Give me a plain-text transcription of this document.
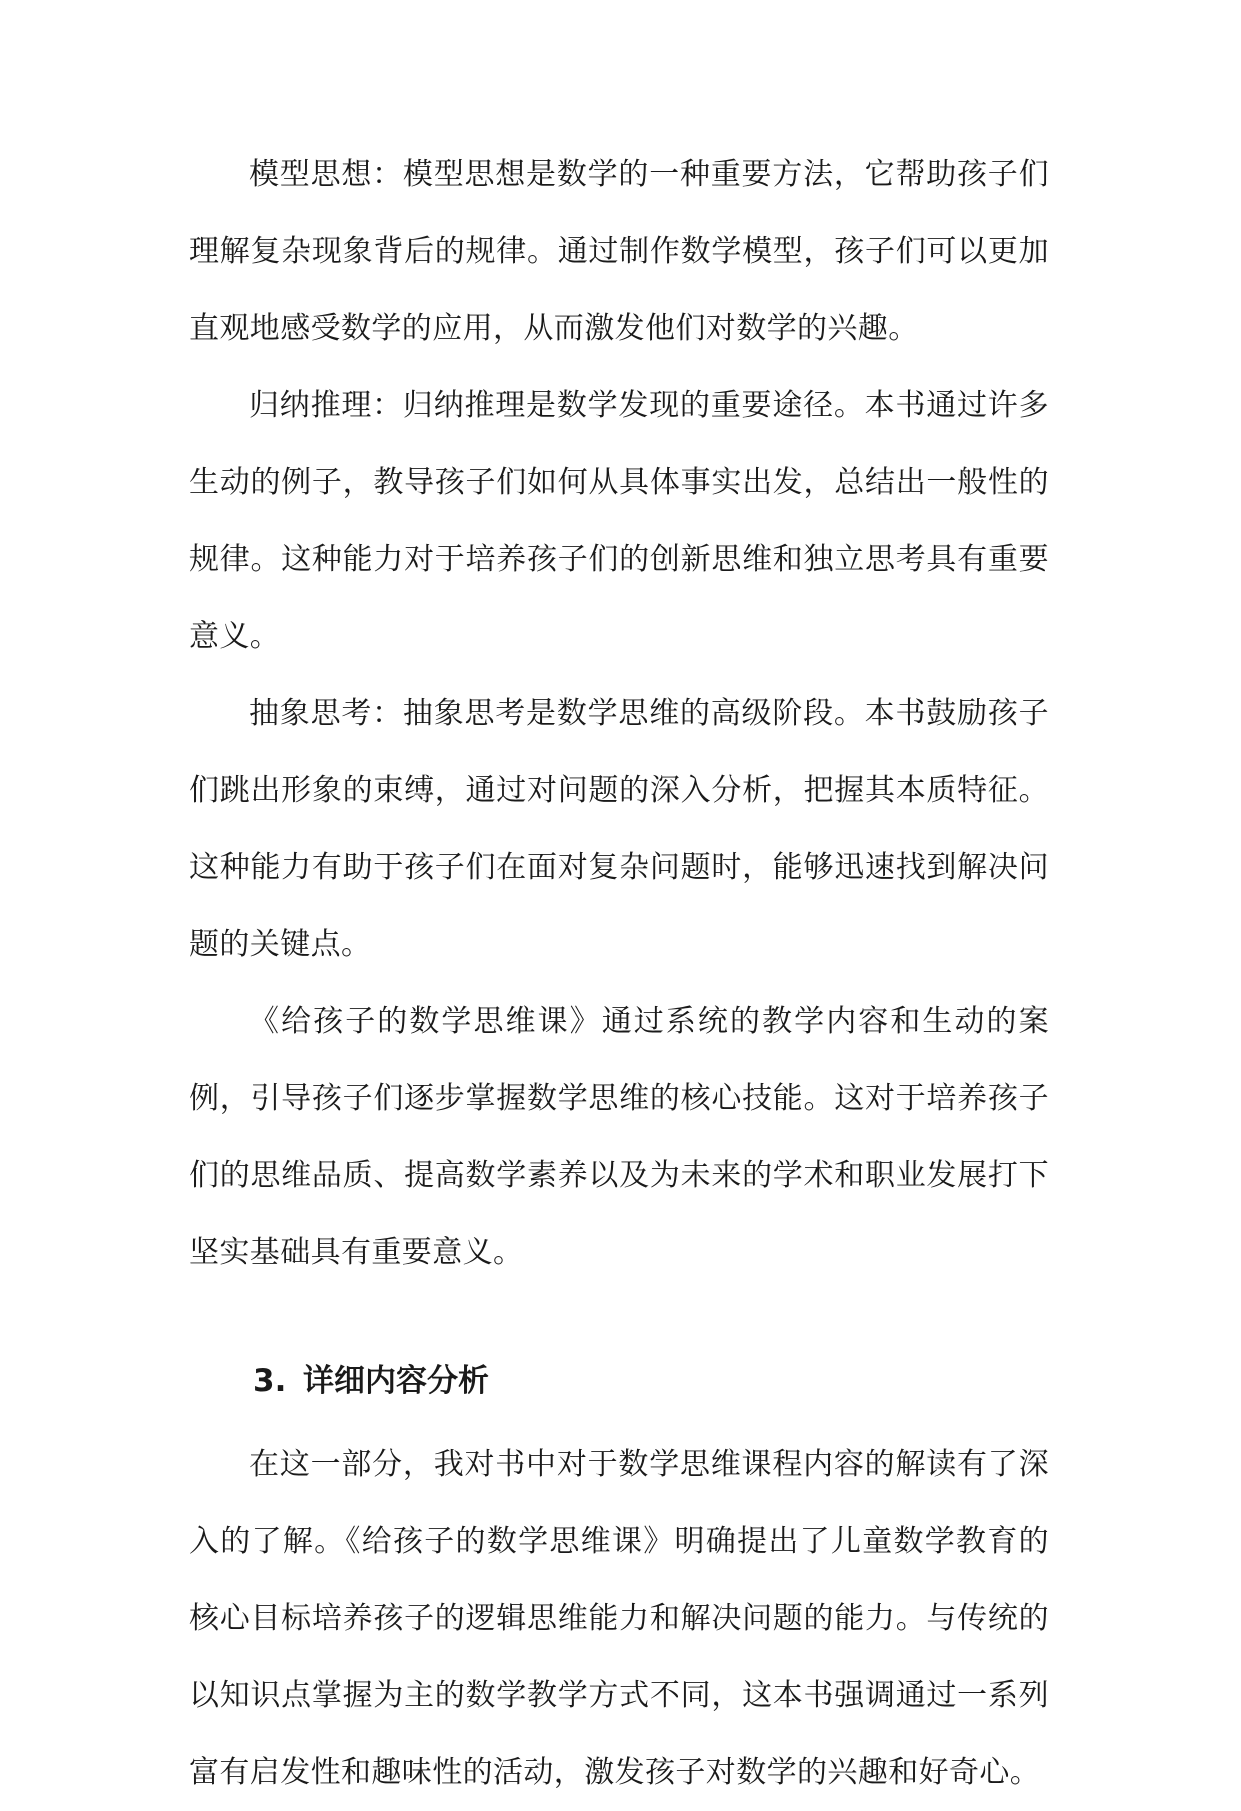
模型思想：模型思想是数学的一种重要方法，它帮助孩子们理解复杂现象背后的规律。通过制作数学模型，孩子们可以更加直观地感受数学的应用，从而激发他们对数学的兴趣。

归纳推理：归纳推理是数学发现的重要途径。本书通过许多生动的例子，教导孩子们如何从具体事实出发，总结出一般性的规律。这种能力对于培养孩子们的创新思维和独立思考具有重要意义。

抽象思考：抽象思考是数学思维的高级阶段。本书鼓励孩子们跳出形象的束缚，通过对问题的深入分析，把握其本质特征。这种能力有助于孩子们在面对复杂问题时，能够迅速找到解决问题的关键点。

《给孩子的数学思维课》通过系统的教学内容和生动的案例，引导孩子们逐步掌握数学思维的核心技能。这对于培养孩子们的思维品质、提高数学素养以及为未来的学术和职业发展打下坚实基础具有重要意义。

3. 详细内容分析

在这一部分，我对书中对于数学思维课程内容的解读有了深入的了解。《给孩子的数学思维课》明确提出了儿童数学教育的核心目标培养孩子的逻辑思维能力和解决问题的能力。与传统的以知识点掌握为主的数学教学方式不同，这本书强调通过一系列富有启发性和趣味性的活动，激发孩子对数学的兴趣和好奇心。
